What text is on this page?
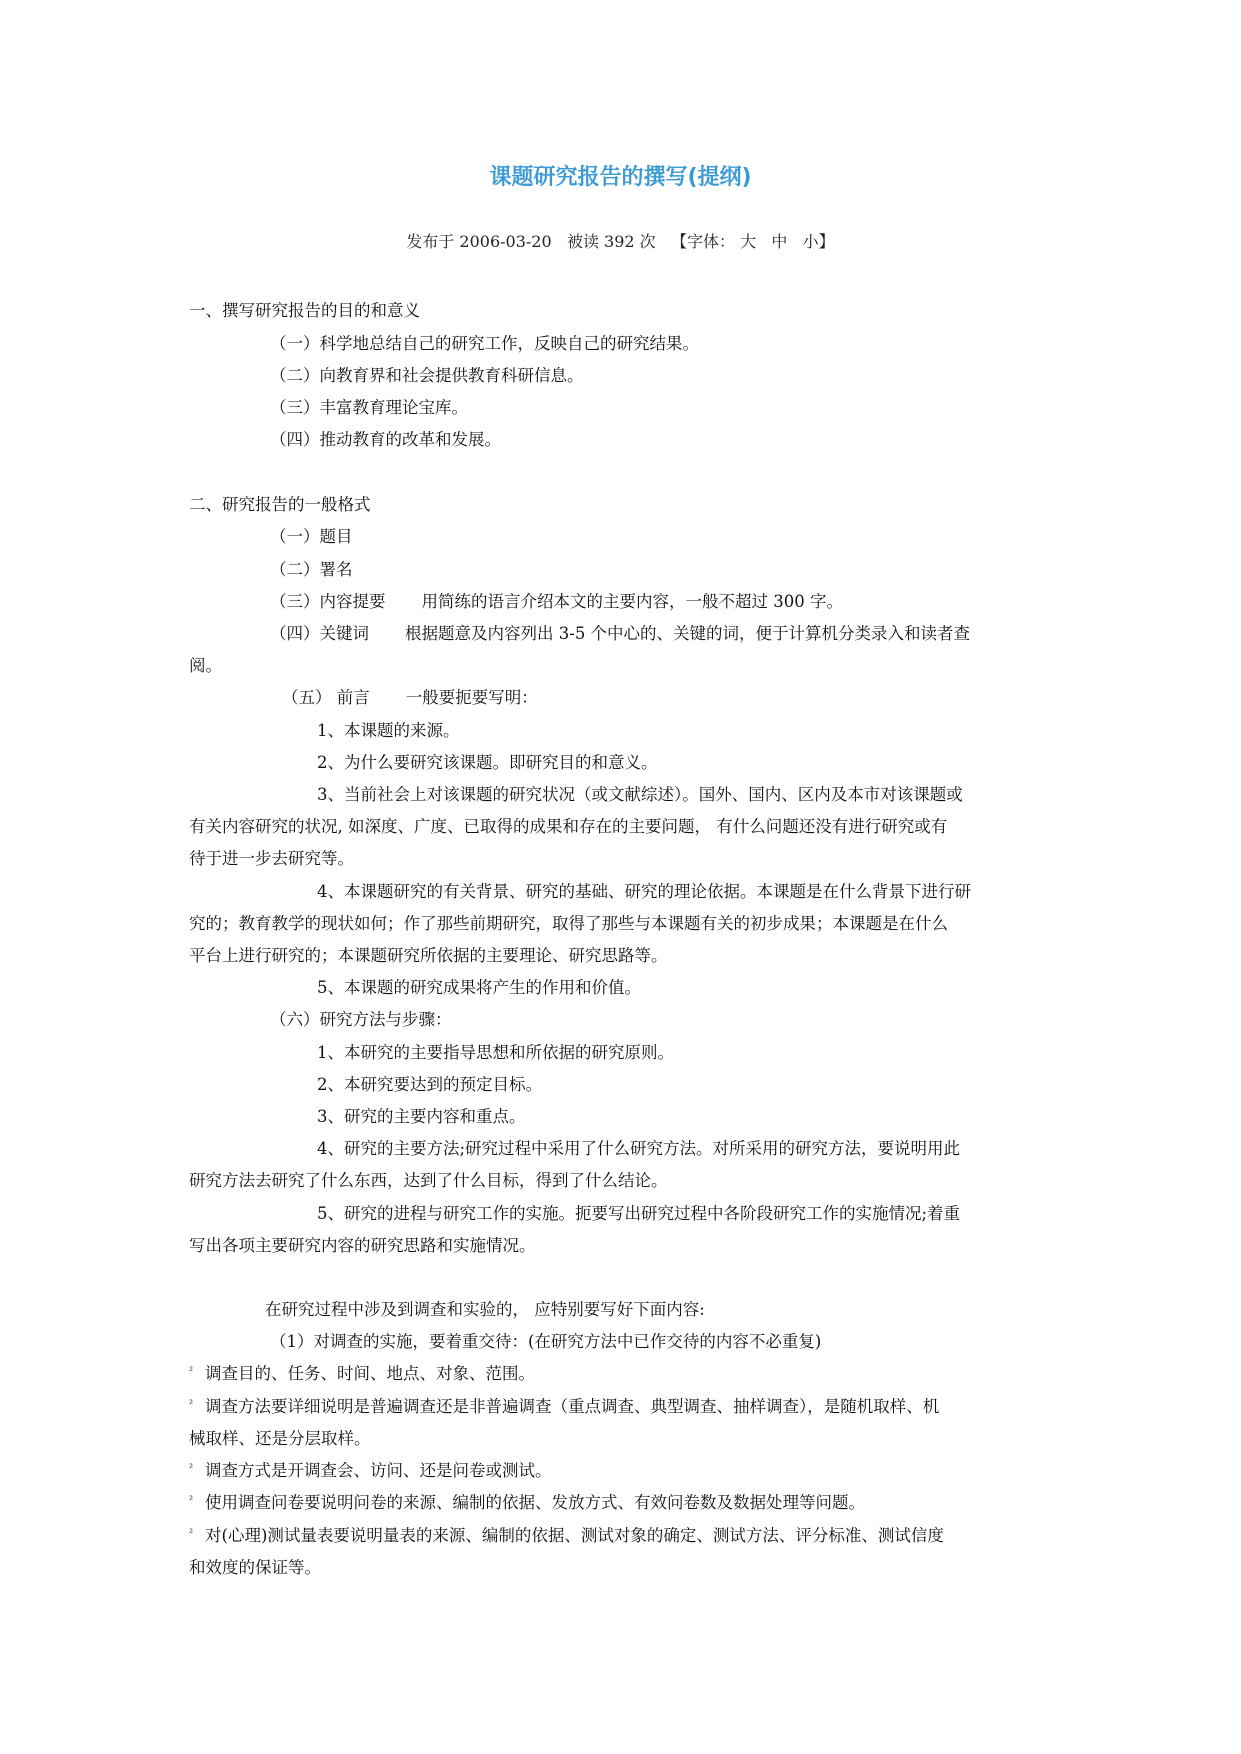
课题研究报告的撰写(提纲)
发布于 2006-03-20 被读 392 次 【字体： 大 中 小】
一、撰写研究报告的目的和意义
（一）科学地总结自己的研究工作，反映自己的研究结果。
（二）向教育界和社会提供教育科研信息。
（三）丰富教育理论宝库。
（四）推动教育的改革和发展。
二、研究报告的一般格式
（一）题目
（二）署名
（三）内容提要 用简练的语言介绍本文的主要内容，一般不超过 300 字。
（四）关键词 根据题意及内容列出 3-5 个中心的、关键的词，便于计算机分类录入和读者查
阅。
（五） 前言 一般要扼要写明：
1、本课题的来源。
2、为什么要研究该课题。即研究目的和意义。
3、当前社会上对该课题的研究状况（或文献综述）。国外、国内、区内及本市对该课题或
有关内容研究的状况, 如深度、广度、已取得的成果和存在的主要问题， 有什么问题还没有进行研究或有
待于进一步去研究等。
4、本课题研究的有关背景、研究的基础、研究的理论依据。本课题是在什么背景下进行研
究的；教育教学的现状如何；作了那些前期研究，取得了那些与本课题有关的初步成果；本课题是在什么
平台上进行研究的；本课题研究所依据的主要理论、研究思路等。
5、本课题的研究成果将产生的作用和价值。
（六）研究方法与步骤：
1、本研究的主要指导思想和所依据的研究原则。
2、本研究要达到的预定目标。
3、研究的主要内容和重点。
4、研究的主要方法;研究过程中采用了什么研究方法。对所采用的研究方法，要说明用此
研究方法去研究了什么东西，达到了什么目标，得到了什么结论。
5、研究的进程与研究工作的实施。扼要写出研究过程中各阶段研究工作的实施情况;着重
写出各项主要研究内容的研究思路和实施情况。
在研究过程中涉及到调查和实验的， 应特别要写好下面内容:
（1）对调查的实施，要着重交待：(在研究方法中已作交待的内容不必重复)
$^{^2}$ 调查目的、任务、时间、地点、对象、范围。
$^{^2}$ 调查方法要详细说明是普遍调查还是非普遍调查（重点调查、典型调查、抽样调查），是随机取样、机
械取样、还是分层取样。
$^{^2}$ 调查方式是开调查会、访问、还是问卷或测试。
$^{^2}$ 使用调查问卷要说明问卷的来源、编制的依据、发放方式、有效问卷数及数据处理等问题。
$^{^2}$ 对(心理)测试量表要说明量表的来源、编制的依据、测试对象的确定、测试方法、评分标准、测试信度
和效度的保证等。
